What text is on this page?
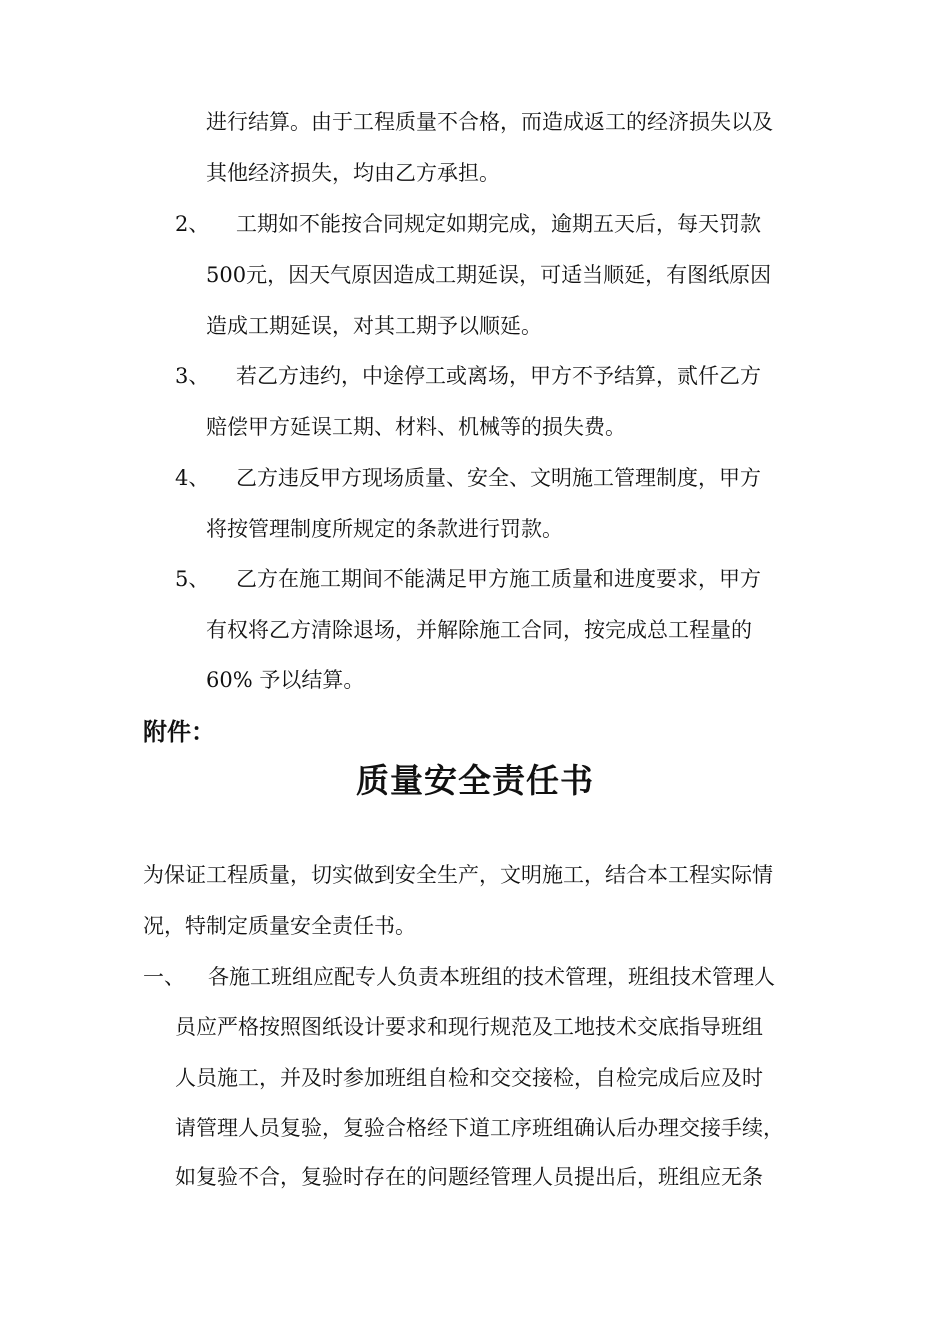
进行结算。由于工程质量不合格，而造成返工的经济损失以及
其他经济损失，均由乙方承担。
2、 工期如不能按合同规定如期完成，逾期五天后，每天罚款
500元，因天气原因造成工期延误，可适当顺延，有图纸原因
造成工期延误，对其工期予以顺延。
3、 若乙方违约，中途停工或离场，甲方不予结算，贰仟乙方
赔偿甲方延误工期、材料、机械等的损失费。
4、 乙方违反甲方现场质量、安全、文明施工管理制度，甲方
将按管理制度所规定的条款进行罚款。
5、 乙方在施工期间不能满足甲方施工质量和进度要求，甲方
有权将乙方清除退场，并解除施工合同，按完成总工程量的
60% 予以结算。
附件：
质量安全责任书
为保证工程质量，切实做到安全生产，文明施工，结合本工程实际情
况，特制定质量安全责任书。
一、 各施工班组应配专人负责本班组的技术管理，班组技术管理人
员应严格按照图纸设计要求和现行规范及工地技术交底指导班组
人员施工，并及时参加班组自检和交交接检，自检完成后应及时
请管理人员复验，复验合格经下道工序班组确认后办理交接手续，
如复验不合，复验时存在的问题经管理人员提出后，班组应无条
